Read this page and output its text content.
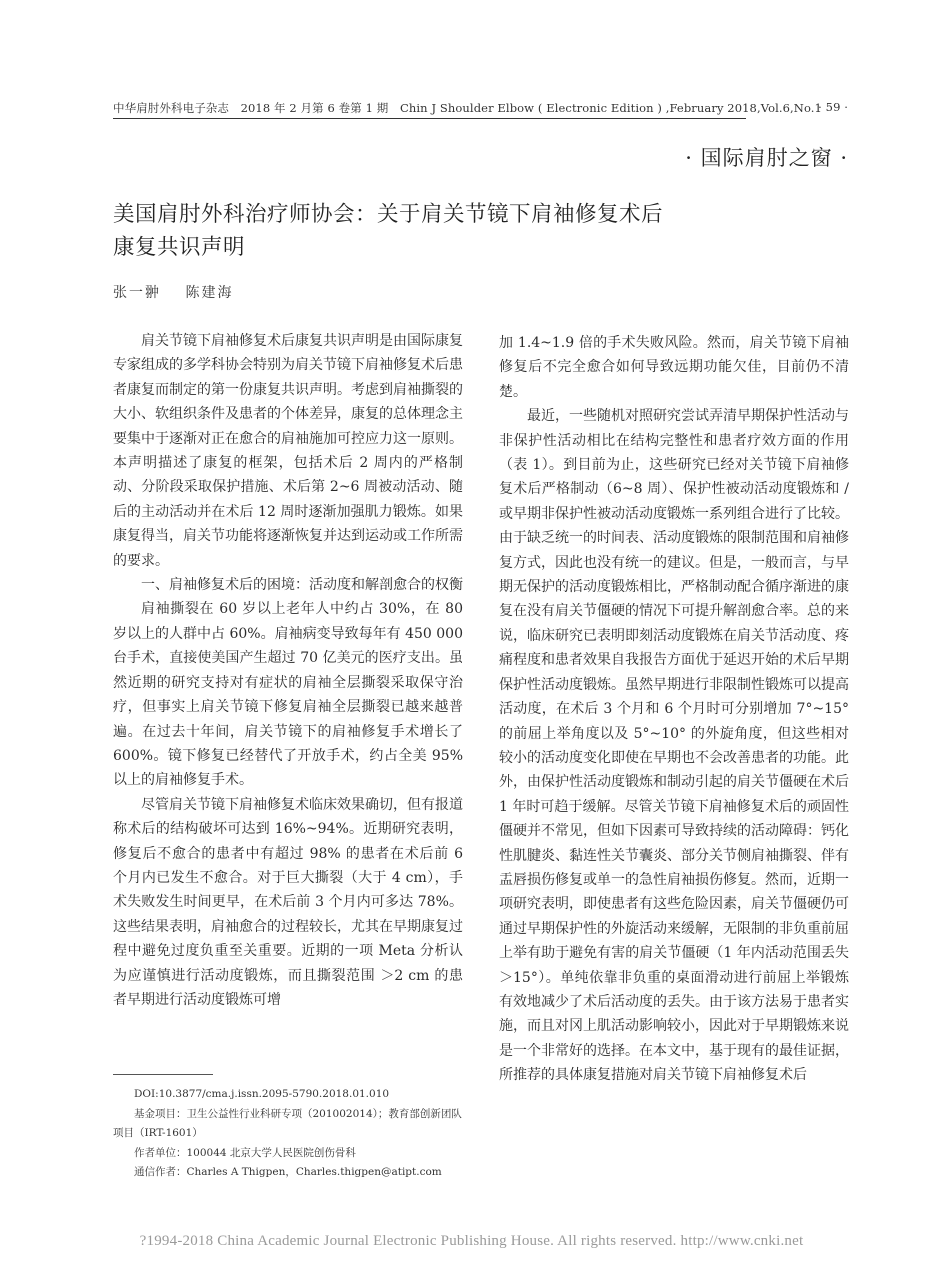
中华肩肘外科电子杂志　2018 年 2 月第 6 卷第 1 期　Chin J Shoulder Elbow ( Electronic Edition ) ,February 2018,Vol.6,No.1
· 59 ·
· 国际肩肘之窗 ·
美国肩肘外科治疗师协会：关于肩关节镜下肩袖修复术后
康复共识声明
张一翀 陈建海

肩关节镜下肩袖修复术后康复共识声明是由国际康复专家组成的多学科协会特别为肩关节镜下肩袖修复术后患者康复而制定的第一份康复共识声明。考虑到肩袖撕裂的大小、软组织条件及患者的个体差异，康复的总体理念主要集中于逐渐对正在愈合的肩袖施加可控应力这一原则。本声明描述了康复的框架，包括术后 2 周内的严格制动、分阶段采取保护措施、术后第 2~6 周被动活动、随后的主动活动并在术后 12 周时逐渐加强肌力锻炼。如果康复得当，肩关节功能将逐渐恢复并达到运动或工作所需的要求。

一、肩袖修复术后的困境：活动度和解剖愈合的权衡

肩袖撕裂在 60 岁以上老年人中约占 30%，在 80 岁以上的人群中占 60%。肩袖病变导致每年有 450 000 台手术，直接使美国产生超过 70 亿美元的医疗支出。虽然近期的研究支持对有症状的肩袖全层撕裂采取保守治疗，但事实上肩关节镜下修复肩袖全层撕裂已越来越普遍。在过去十年间，肩关节镜下的肩袖修复手术增长了 600%。镜下修复已经替代了开放手术，约占全美 95% 以上的肩袖修复手术。

尽管肩关节镜下肩袖修复术临床效果确切，但有报道称术后的结构破坏可达到 16%~94%。近期研究表明，修复后不愈合的患者中有超过 98% 的患者在术后前 6 个月内已发生不愈合。对于巨大撕裂（大于 4 cm），手术失败发生时间更早，在术后前 3 个月内可多达 78%。这些结果表明，肩袖愈合的过程较长，尤其在早期康复过程中避免过度负重至关重要。近期的一项 Meta 分析认为应谨慎进行活动度锻炼，而且撕裂范围 ＞2 cm 的患者早期进行活动度锻炼可增

加 1.4~1.9 倍的手术失败风险。然而，肩关节镜下肩袖修复后不完全愈合如何导致远期功能欠佳，目前仍不清楚。

最近，一些随机对照研究尝试弄清早期保护性活动与非保护性活动相比在结构完整性和患者疗效方面的作用（表 1）。到目前为止，这些研究已经对关节镜下肩袖修复术后严格制动（6~8 周）、保护性被动活动度锻炼和 / 或早期非保护性被动活动度锻炼一系列组合进行了比较。由于缺乏统一的时间表、活动度锻炼的限制范围和肩袖修复方式，因此也没有统一的建议。但是，一般而言，与早期无保护的活动度锻炼相比，严格制动配合循序渐进的康复在没有肩关节僵硬的情况下可提升解剖愈合率。总的来说，临床研究已表明即刻活动度锻炼在肩关节活动度、疼痛程度和患者效果自我报告方面优于延迟开始的术后早期保护性活动度锻炼。虽然早期进行非限制性锻炼可以提高活动度，在术后 3 个月和 6 个月时可分别增加 7°~15° 的前屈上举角度以及 5°~10° 的外旋角度，但这些相对较小的活动度变化即使在早期也不会改善患者的功能。此外，由保护性活动度锻炼和制动引起的肩关节僵硬在术后 1 年时可趋于缓解。尽管关节镜下肩袖修复术后的顽固性僵硬并不常见，但如下因素可导致持续的活动障碍：钙化性肌腱炎、黏连性关节囊炎、部分关节侧肩袖撕裂、伴有盂唇损伤修复或单一的急性肩袖损伤修复。然而，近期一项研究表明，即使患者有这些危险因素，肩关节僵硬仍可通过早期保护性的外旋活动来缓解，无限制的非负重前屈上举有助于避免有害的肩关节僵硬（1 年内活动范围丢失 ＞15°）。单纯依靠非负重的桌面滑动进行前屈上举锻炼有效地减少了术后活动度的丢失。由于该方法易于患者实施，而且对冈上肌活动影响较小，因此对于早期锻炼来说是一个非常好的选择。在本文中，基于现有的最佳证据，所推荐的具体康复措施对肩关节镜下肩袖修复术后

DOI:10.3877/cma.j.issn.2095-5790.2018.01.010

基金项目：卫生公益性行业科研专项（201002014）；教育部创新团队项目（IRT-1601）

作者单位：100044 北京大学人民医院创伤骨科

通信作者：Charles A Thigpen，Charles.thigpen@atipt.com

?1994-2018 China Academic Journal Electronic Publishing House. All rights reserved. http://www.cnki.net
